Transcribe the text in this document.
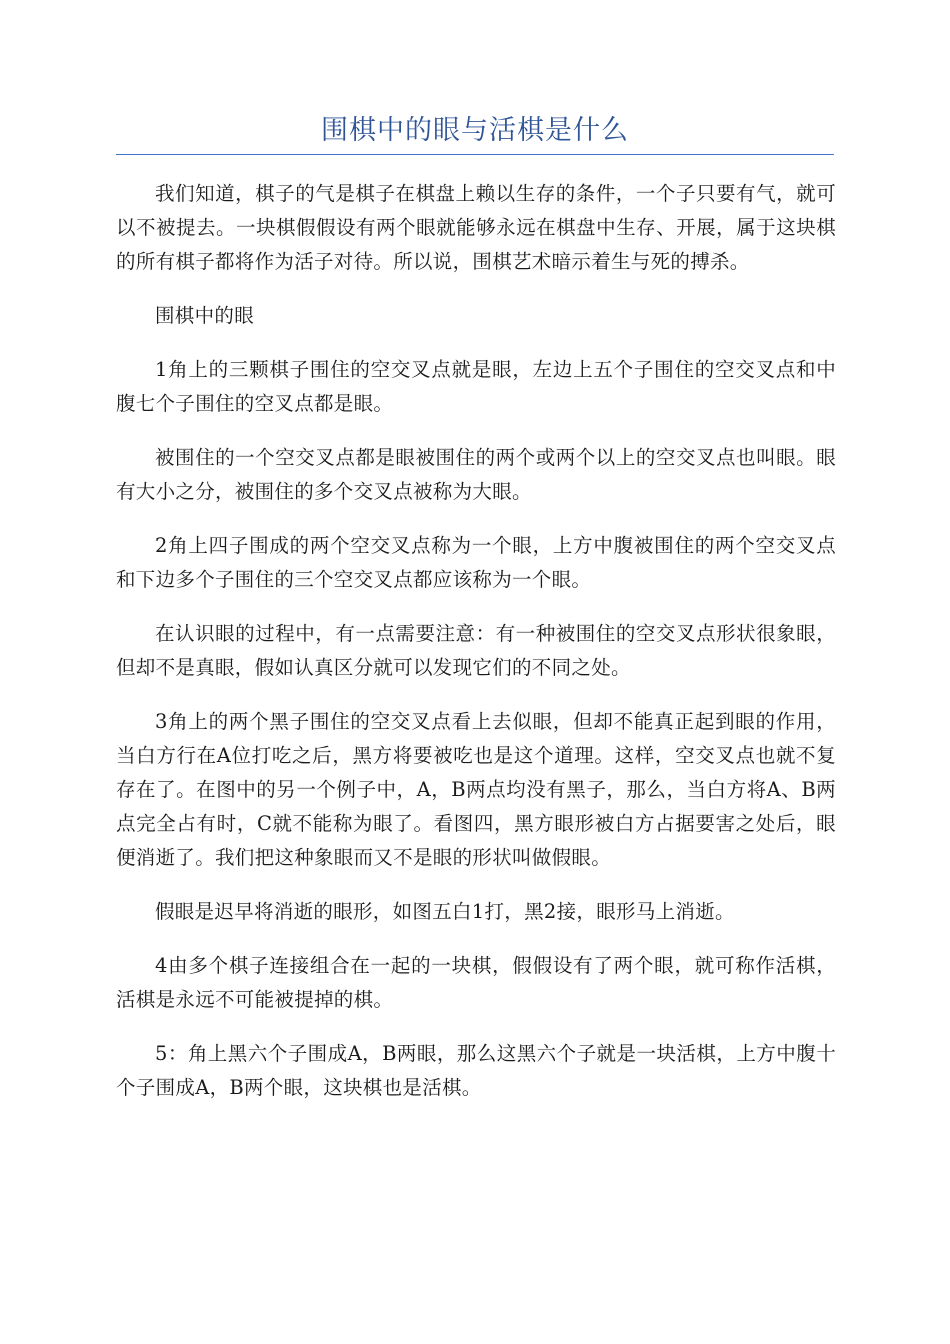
围棋中的眼与活棋是什么

我们知道，棋子的气是棋子在棋盘上赖以生存的条件，一个子只要有气，就可以不被提去。一块棋假假设有两个眼就能够永远在棋盘中生存、开展，属于这块棋的所有棋子都将作为活子对待。所以说，围棋艺术暗示着生与死的搏杀。

围棋中的眼

1角上的三颗棋子围住的空交叉点就是眼，左边上五个子围住的空交叉点和中腹七个子围住的空叉点都是眼。

被围住的一个空交叉点都是眼被围住的两个或两个以上的空交叉点也叫眼。眼有大小之分，被围住的多个交叉点被称为大眼。

2角上四子围成的两个空交叉点称为一个眼，上方中腹被围住的两个空交叉点和下边多个子围住的三个空交叉点都应该称为一个眼。

在认识眼的过程中，有一点需要注意：有一种被围住的空交叉点形状很象眼，但却不是真眼，假如认真区分就可以发现它们的不同之处。

3角上的两个黑子围住的空交叉点看上去似眼，但却不能真正起到眼的作用，当白方行在A位打吃之后，黑方将要被吃也是这个道理。这样，空交叉点也就不复存在了。在图中的另一个例子中，A，B两点均没有黑子，那么，当白方将A、B两点完全占有时，C就不能称为眼了。看图四，黑方眼形被白方占据要害之处后，眼便消逝了。我们把这种象眼而又不是眼的形状叫做假眼。

假眼是迟早将消逝的眼形，如图五白1打，黑2接，眼形马上消逝。

4由多个棋子连接组合在一起的一块棋，假假设有了两个眼，就可称作活棋，活棋是永远不可能被提掉的棋。

5：角上黑六个子围成A，B两眼，那么这黑六个子就是一块活棋，上方中腹十个子围成A，B两个眼，这块棋也是活棋。
